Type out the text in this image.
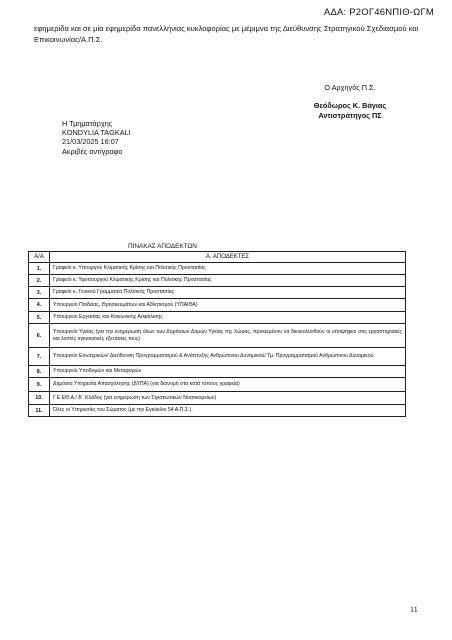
ΑΔΑ: Ρ2ΟΓ46ΝΠΙΘ-ΩΓΜ
εφημερίδα και σε μία εφημερίδα πανελλήνιας κυκλοφορίας με μέριμνα της Διεύθυνσης Στρατηγικού Σχεδιασμού και Επικοινωνίας/Α.Π.Σ.
Ο Αρχηγός Π.Σ.
Θεόδωρος Κ. Βάγιας
Αντιστράτηγος ΠΣ
Η Τμηματάρχης
KONDYLIA TAGKALI
21/03/2025 16:07
Ακριβές αντίγραφο
ΠΙΝΑΚΑΣ ΑΠΟΔΕΚΤΩΝ
Α/Α	Α. ΑΠΟΔΕΚΤΕΣ
1.	Γραφείο κ. Υπουργού Κλιματικής Κρίσης και Πολιτικής Προστασίας
2.	Γραφείο κ. Υφυπουργού Κλιματικής Κρίσης και Πολιτικής Προστασίας
3.	Γραφείο κ. Γενικού Γραμματέα Πολιτικής Προστασίας
4.	Υπουργείο Παιδείας, Θρησκευμάτων και Αθλητισμού (ΥΠΑΙΘΑ)
5.	Υπουργείο Εργασίας και Κοινωνικής Ασφάλισης
6.	Υπουργείο Υγείας (για την ενημέρωση όλων των Δημόσιων Δομών Υγείας της Χώρας, προκειμένου να διευκολυνθούν οι υποψήφιοι στις εργαστηριακές και λοιπές αγκαιοανιές εξετάσεις τους)
7.	Υπουργείο Εσωτερικών/ Διεύθυνση Προγραμματισμού & Ανάπτυξης Ανθρώπινου Δυναμικού/ Τμ. Προγραμματισμού Ανθρώπινου Δυναμικού
8.	Υπουργείο Υποδομών και Μεταφορών
9.	Δημόσια Υπηρεσία Απασχόλησης (ΔΥΠΑ) (για διανομή στα κατά τόπους γραφεία)
10.	Γ.Ε.ΕΘ.Α./ Β΄ Κλάδος (για ενημέρωση των Στρατιωτικών Νοσοκομείων)
11.	Όλες οι Υπηρεσίες του Σώματος (με την Εγκύκλιο 54 Α.Π.Σ.).
11
